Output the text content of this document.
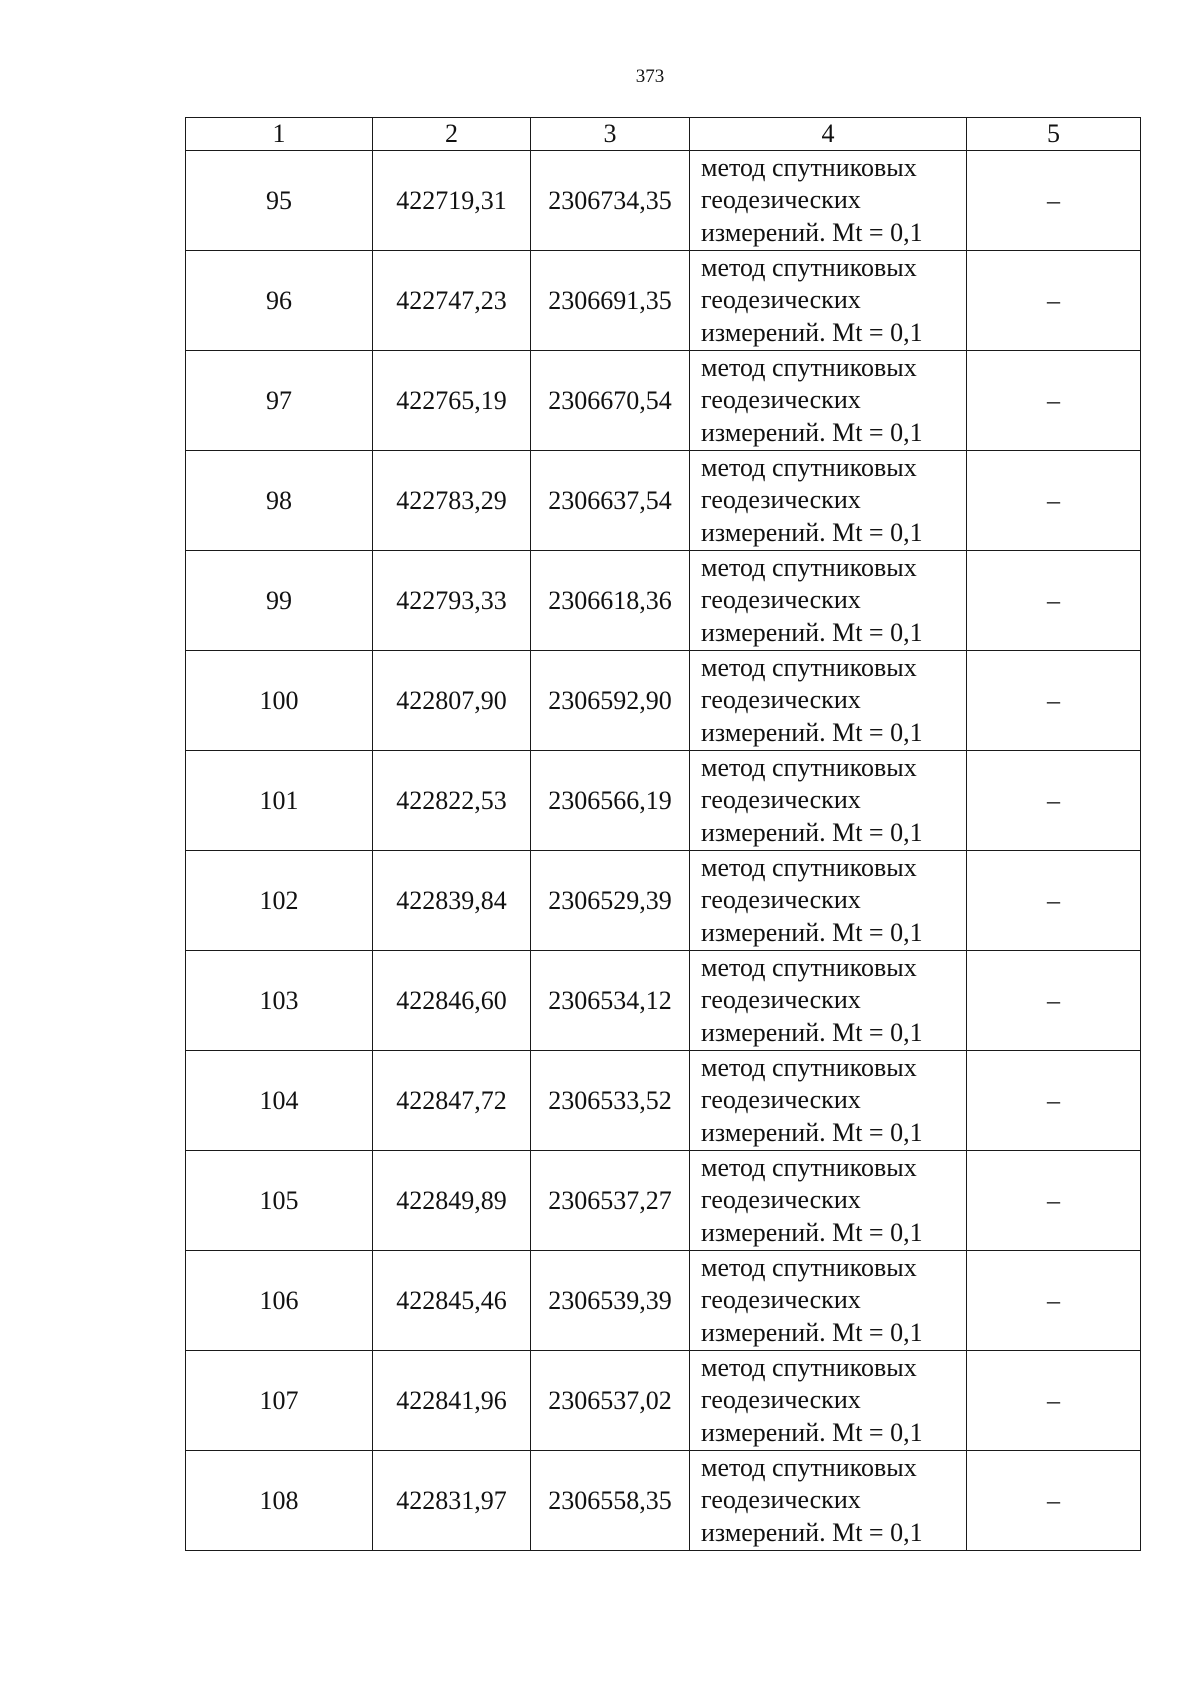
373
1	2	3	4	5
95	422719,31	2306734,35	метод спутниковых
геодезических
измерений. Mt = 0,1	–
96	422747,23	2306691,35	метод спутниковых
геодезических
измерений. Mt = 0,1	–
97	422765,19	2306670,54	метод спутниковых
геодезических
измерений. Mt = 0,1	–
98	422783,29	2306637,54	метод спутниковых
геодезических
измерений. Mt = 0,1	–
99	422793,33	2306618,36	метод спутниковых
геодезических
измерений. Mt = 0,1	–
100	422807,90	2306592,90	метод спутниковых
геодезических
измерений. Mt = 0,1	–
101	422822,53	2306566,19	метод спутниковых
геодезических
измерений. Mt = 0,1	–
102	422839,84	2306529,39	метод спутниковых
геодезических
измерений. Mt = 0,1	–
103	422846,60	2306534,12	метод спутниковых
геодезических
измерений. Mt = 0,1	–
104	422847,72	2306533,52	метод спутниковых
геодезических
измерений. Mt = 0,1	–
105	422849,89	2306537,27	метод спутниковых
геодезических
измерений. Mt = 0,1	–
106	422845,46	2306539,39	метод спутниковых
геодезических
измерений. Mt = 0,1	–
107	422841,96	2306537,02	метод спутниковых
геодезических
измерений. Mt = 0,1	–
108	422831,97	2306558,35	метод спутниковых
геодезических
измерений. Mt = 0,1	–
